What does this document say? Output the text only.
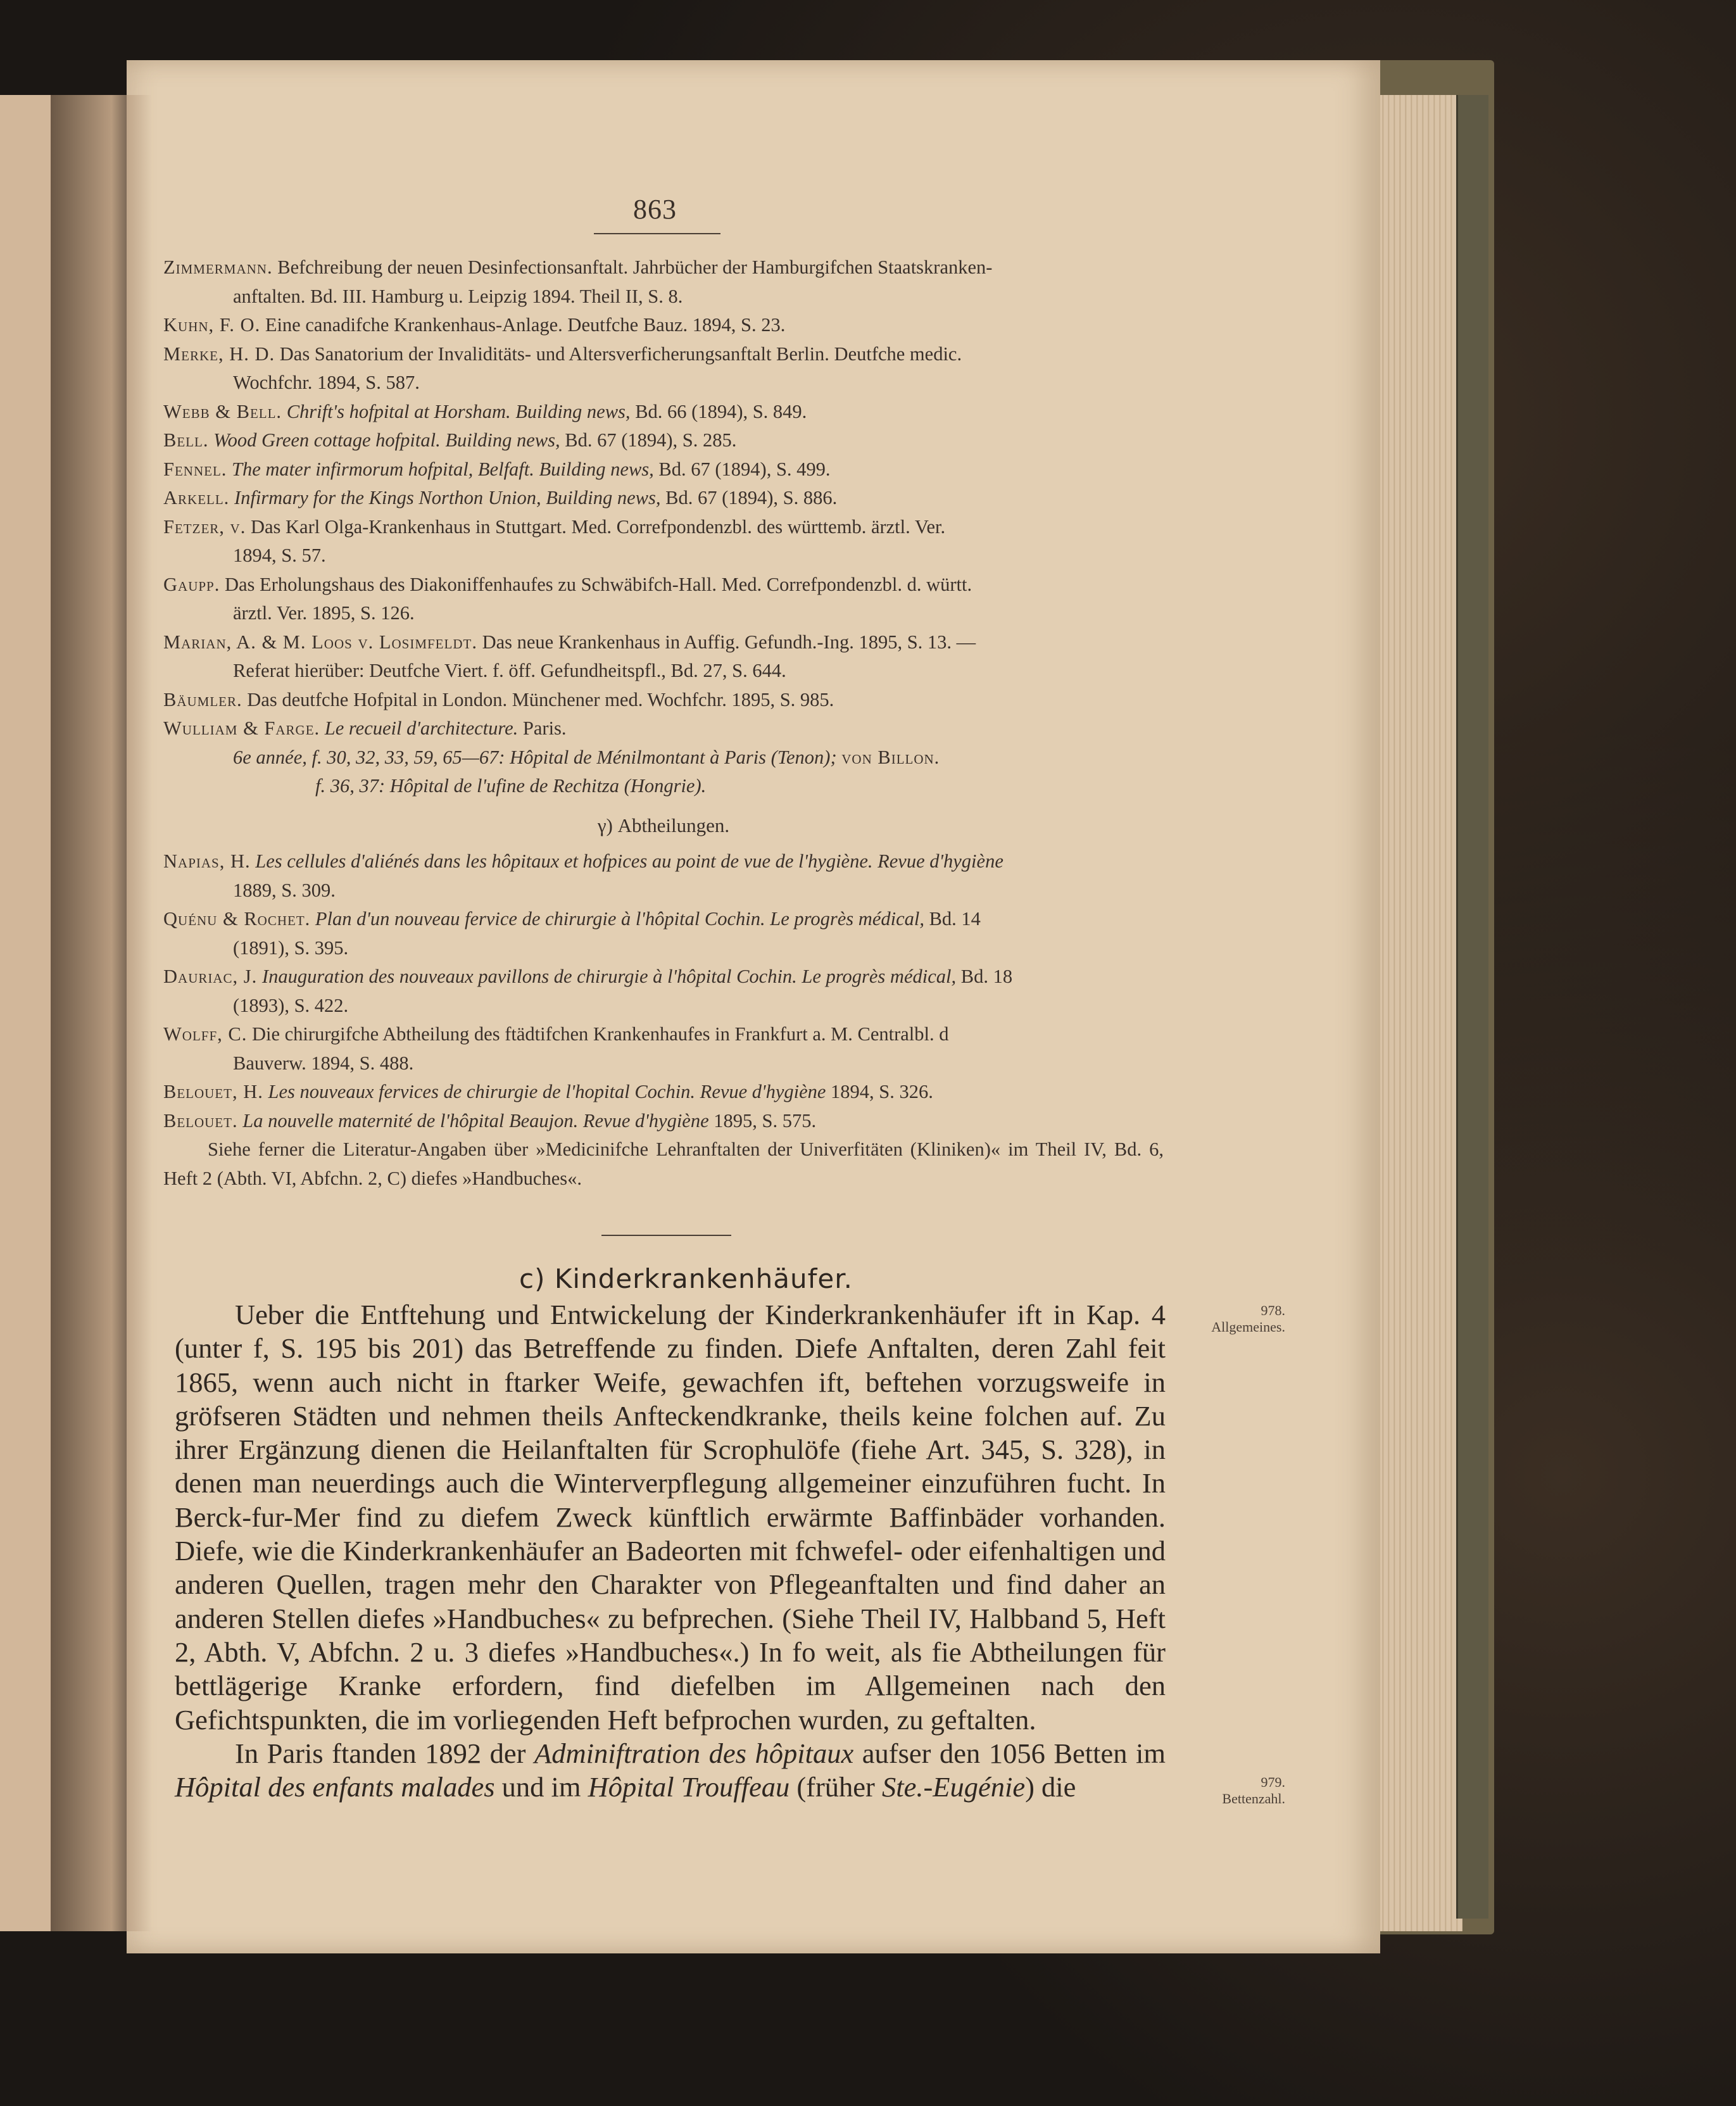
863
Zimmermann. Befchreibung der neuen Desinfectionsanftalt. Jahrbücher der Hamburgifchen Staatskranken-
anftalten. Bd. III. Hamburg u. Leipzig 1894. Theil II, S. 8.
Kuhn, F. O. Eine canadifche Krankenhaus-Anlage. Deutfche Bauz. 1894, S. 23.
Merke, H. D. Das Sanatorium der Invaliditäts- und Altersverficherungsanftalt Berlin. Deutfche medic.
Wochfchr. 1894, S. 587.
Webb & Bell. Chrift's hofpital at Horsham. Building news, Bd. 66 (1894), S. 849.
Bell. Wood Green cottage hofpital. Building news, Bd. 67 (1894), S. 285.
Fennel. The mater infirmorum hofpital, Belfaft. Building news, Bd. 67 (1894), S. 499.
Arkell. Infirmary for the Kings Northon Union, Building news, Bd. 67 (1894), S. 886.
Fetzer, v. Das Karl Olga-Krankenhaus in Stuttgart. Med. Correfpondenzbl. des württemb. ärztl. Ver.
1894, S. 57.
Gaupp. Das Erholungshaus des Diakoniffenhaufes zu Schwäbifch-Hall. Med. Correfpondenzbl. d. württ.
ärztl. Ver. 1895, S. 126.
Marian, A. & M. Loos v. Losimfeldt. Das neue Krankenhaus in Auffig. Gefundh.-Ing. 1895, S. 13. —
Referat hierüber: Deutfche Viert. f. öff. Gefundheitspfl., Bd. 27, S. 644.
Bäumler. Das deutfche Hofpital in London. Münchener med. Wochfchr. 1895, S. 985.
Wulliam & Farge. Le recueil d'architecture. Paris.
6e année, f. 30, 32, 33, 59, 65—67: Hôpital de Ménilmontant à Paris (Tenon); von Billon.
f. 36, 37: Hôpital de l'ufine de Rechitza (Hongrie).
γ) Abtheilungen.
Napias, H. Les cellules d'aliénés dans les hôpitaux et hofpices au point de vue de l'hygiène. Revue d'hygiène
1889, S. 309.
Quénu & Rochet. Plan d'un nouveau fervice de chirurgie à l'hôpital Cochin. Le progrès médical, Bd. 14
(1891), S. 395.
Dauriac, J. Inauguration des nouveaux pavillons de chirurgie à l'hôpital Cochin. Le progrès médical, Bd. 18
(1893), S. 422.
Wolff, C. Die chirurgifche Abtheilung des ftädtifchen Krankenhaufes in Frankfurt a. M. Centralbl. d
Bauverw. 1894, S. 488.
Belouet, H. Les nouveaux fervices de chirurgie de l'hopital Cochin. Revue d'hygiène 1894, S. 326.
Belouet. La nouvelle maternité de l'hôpital Beaujon. Revue d'hygiène 1895, S. 575.
Siehe ferner die Literatur-Angaben über »Medicinifche Lehranftalten der Univerfitäten (Kliniken)« im Theil IV, Bd. 6, Heft 2 (Abth. VI, Abfchn. 2, C) diefes »Handbuches«.
c) Kinderkrankenhäufer.

Ueber die Entftehung und Entwickelung der Kinderkrankenhäufer ift in Kap. 4 (unter f, S. 195 bis 201) das Betreffende zu finden. Diefe Anftalten, deren Zahl feit 1865, wenn auch nicht in ftarker Weife, gewachfen ift, beftehen vorzugsweife in gröfseren Städten und nehmen theils Anfteckendkranke, theils keine folchen auf. Zu ihrer Ergänzung dienen die Heilanftalten für Scrophulöfe (fiehe Art. 345, S. 328), in denen man neuerdings auch die Winterverpflegung allgemeiner einzuführen fucht. In Berck-fur-Mer find zu diefem Zweck künftlich erwärmte Baffinbäder vorhanden. Diefe, wie die Kinderkrankenhäufer an Badeorten mit fchwefel- oder eifenhaltigen und anderen Quellen, tragen mehr den Charakter von Pflegeanftalten und find daher an anderen Stellen diefes »Handbuches« zu befprechen. (Siehe Theil IV, Halbband 5, Heft 2, Abth. V, Abfchn. 2 u. 3 diefes »Handbuches«.) In fo weit, als fie Abtheilungen für bettlägerige Kranke erfordern, find diefelben im Allgemeinen nach den Gefichtspunkten, die im vorliegenden Heft befprochen wurden, zu geftalten.

In Paris ftanden 1892 der Adminiftration des hôpitaux aufser den 1056 Betten im Hôpital des enfants malades und im Hôpital Trouffeau (früher Ste.-Eugénie) die

978.
Allgemeines.
979.
Bettenzahl.
